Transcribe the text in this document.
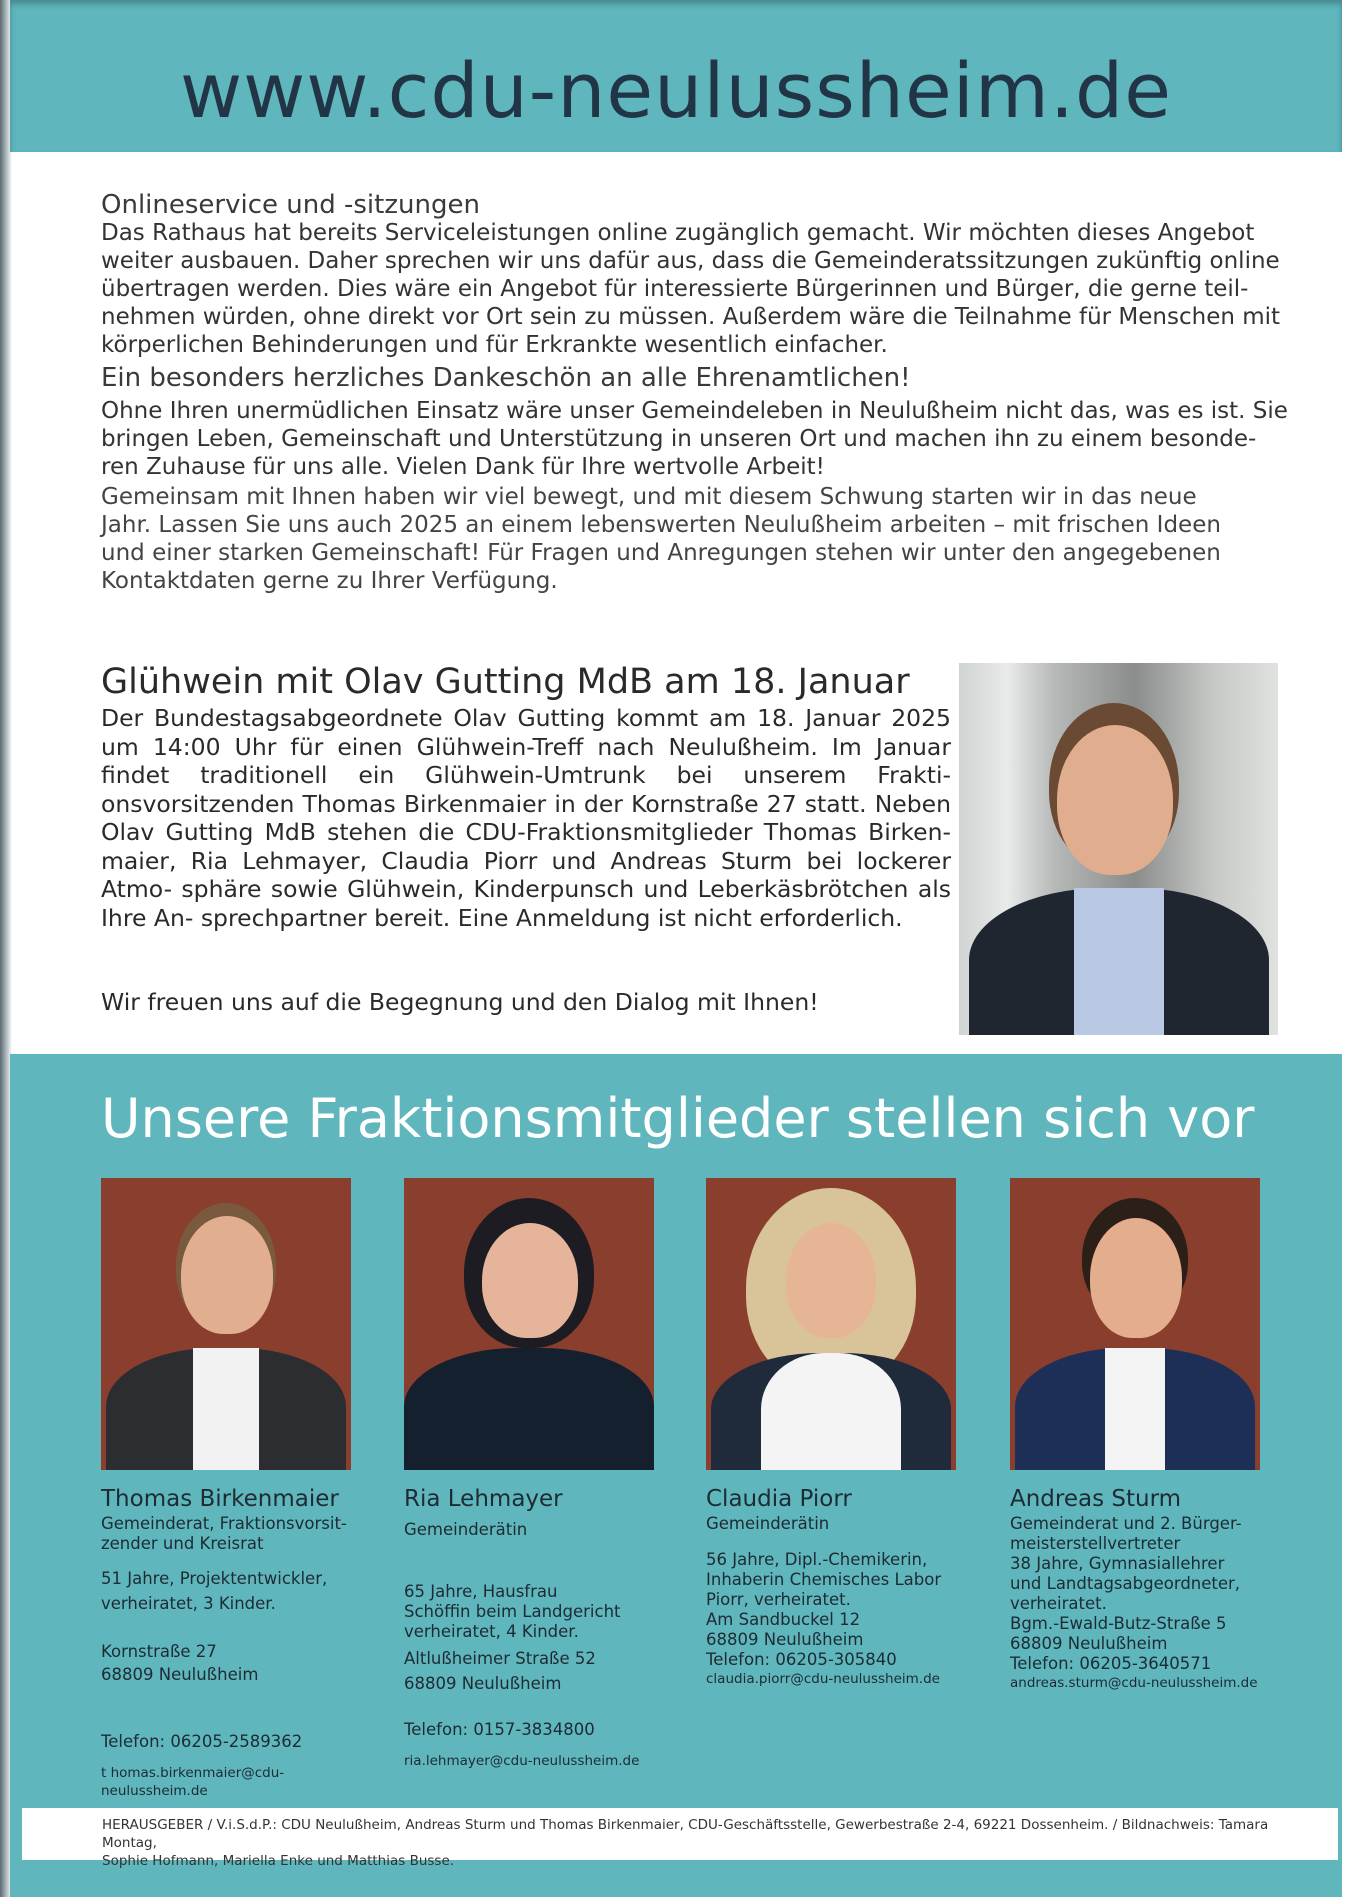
www.cdu-neulussheim.de
Onlineservice und -sitzungen
Das Rathaus hat bereits Serviceleistungen online zugänglich gemacht. Wir möchten dieses Angebot
weiter ausbauen. Daher sprechen wir uns dafür aus, dass die Gemeinderatssitzungen zukünftig online
übertragen werden. Dies wäre ein Angebot für interessierte Bürgerinnen und Bürger, die gerne teil-
nehmen würden, ohne direkt vor Ort sein zu müssen. Außerdem wäre die Teilnahme für Menschen mit
körperlichen Behinderungen und für Erkrankte wesentlich einfacher.
Ein besonders herzliches Dankeschön an alle Ehrenamtlichen!
Ohne Ihren unermüdlichen Einsatz wäre unser Gemeindeleben in Neulußheim nicht das, was es ist. Sie
bringen Leben, Gemeinschaft und Unterstützung in unseren Ort und machen ihn zu einem besonde-
ren Zuhause für uns alle. Vielen Dank für Ihre wertvolle Arbeit!
Gemeinsam mit Ihnen haben wir viel bewegt, und mit diesem Schwung starten wir in das neue
Jahr. Lassen Sie uns auch 2025 an einem lebenswerten Neulußheim arbeiten – mit frischen Ideen
und einer starken Gemeinschaft! Für Fragen und Anregungen stehen wir unter den angegebenen
Kontaktdaten gerne zu Ihrer Verfügung.
Glühwein mit Olav Gutting MdB am 18. Januar
Der Bundestagsabgeordnete Olav Gutting kommt am 18. Januar 2025 um 14:00 Uhr für einen Glühwein-Treff nach Neulußheim. Im Januar findet traditionell ein Glühwein-Umtrunk bei unserem Frakti- onsvorsitzenden Thomas Birkenmaier in der Kornstraße 27 statt. Neben Olav Gutting MdB stehen die CDU-Fraktionsmitglieder Thomas Birken- maier, Ria Lehmayer, Claudia Piorr und Andreas Sturm bei lockerer Atmo- sphäre sowie Glühwein, Kinderpunsch und Leberkäsbrötchen als Ihre An- sprechpartner bereit. Eine Anmeldung ist nicht erforderlich.
Wir freuen uns auf die Begegnung und den Dialog mit Ihnen!
Unsere Fraktionsmitglieder stellen sich vor
Thomas Birkenmaier
Gemeinderat, Fraktionsvorsit-
zender und Kreisrat
51 Jahre, Projektentwickler,
verheiratet, 3 Kinder.
Kornstraße 27
68809 Neulußheim
Telefon: 06205-2589362
t homas.birkenmaier@cdu-neulussheim.de
Ria Lehmayer
Gemeinderätin
65 Jahre, Hausfrau
Schöffin beim Landgericht
verheiratet, 4 Kinder.
Altlußheimer Straße 52
68809 Neulußheim
Telefon: 0157-3834800
ria.lehmayer@cdu-neulussheim.de
Claudia Piorr
Gemeinderätin
56 Jahre, Dipl.-Chemikerin,
Inhaberin Chemisches Labor
Piorr, verheiratet.
Am Sandbuckel 12
68809 Neulußheim
Telefon: 06205-305840
claudia.piorr@cdu-neulussheim.de
Andreas Sturm
Gemeinderat und 2. Bürger-
meisterstellvertreter
38 Jahre, Gymnasiallehrer
und Landtagsabgeordneter,
verheiratet.
Bgm.-Ewald-Butz-Straße 5
68809 Neulußheim
Telefon: 06205-3640571
andreas.sturm@cdu-neulussheim.de
HERAUSGEBER / V.i.S.d.P.: CDU Neulußheim, Andreas Sturm und Thomas Birkenmaier, CDU-Geschäftsstelle, Gewerbestraße 2-4, 69221 Dossenheim. / Bildnachweis: Tamara Montag,
Sophie Hofmann, Mariella Enke und Matthias Busse.
